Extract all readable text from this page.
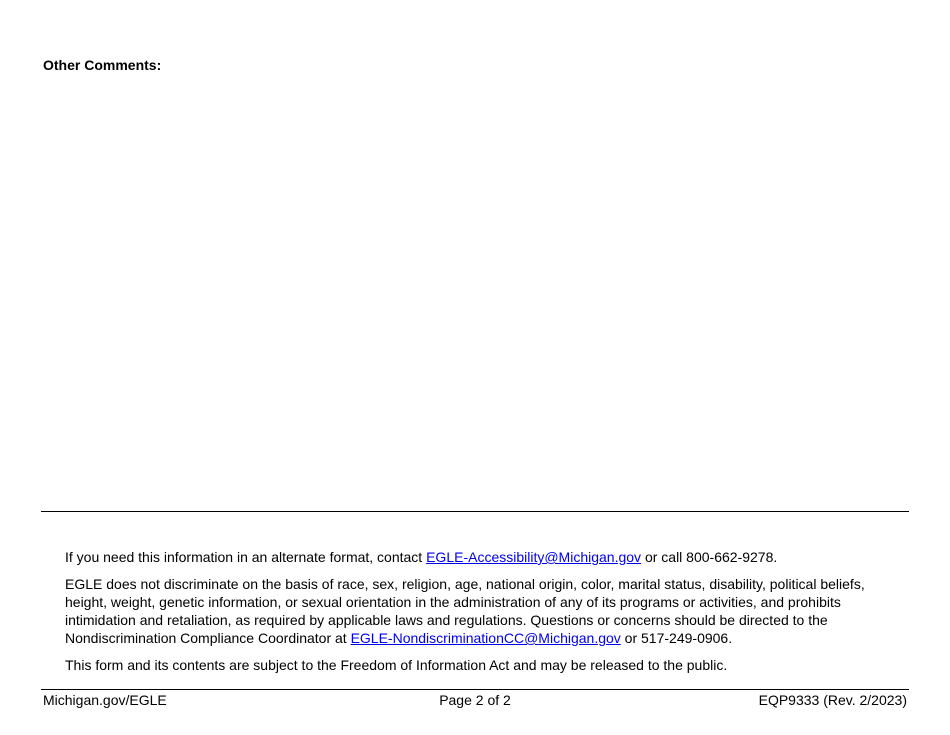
Other Comments:

If you need this information in an alternate format, contact EGLE-Accessibility@Michigan.gov or call 800-662-9278.

EGLE does not discriminate on the basis of race, sex, religion, age, national origin, color, marital status, disability, political beliefs, height, weight, genetic information, or sexual orientation in the administration of any of its programs or activities, and prohibits intimidation and retaliation, as required by applicable laws and regulations. Questions or concerns should be directed to the Nondiscrimination Compliance Coordinator at EGLE-NondiscriminationCC@Michigan.gov or 517-249-0906.

This form and its contents are subject to the Freedom of Information Act and may be released to the public.

Michigan.gov/EGLE	Page 2 of 2	EQP9333 (Rev. 2/2023)
